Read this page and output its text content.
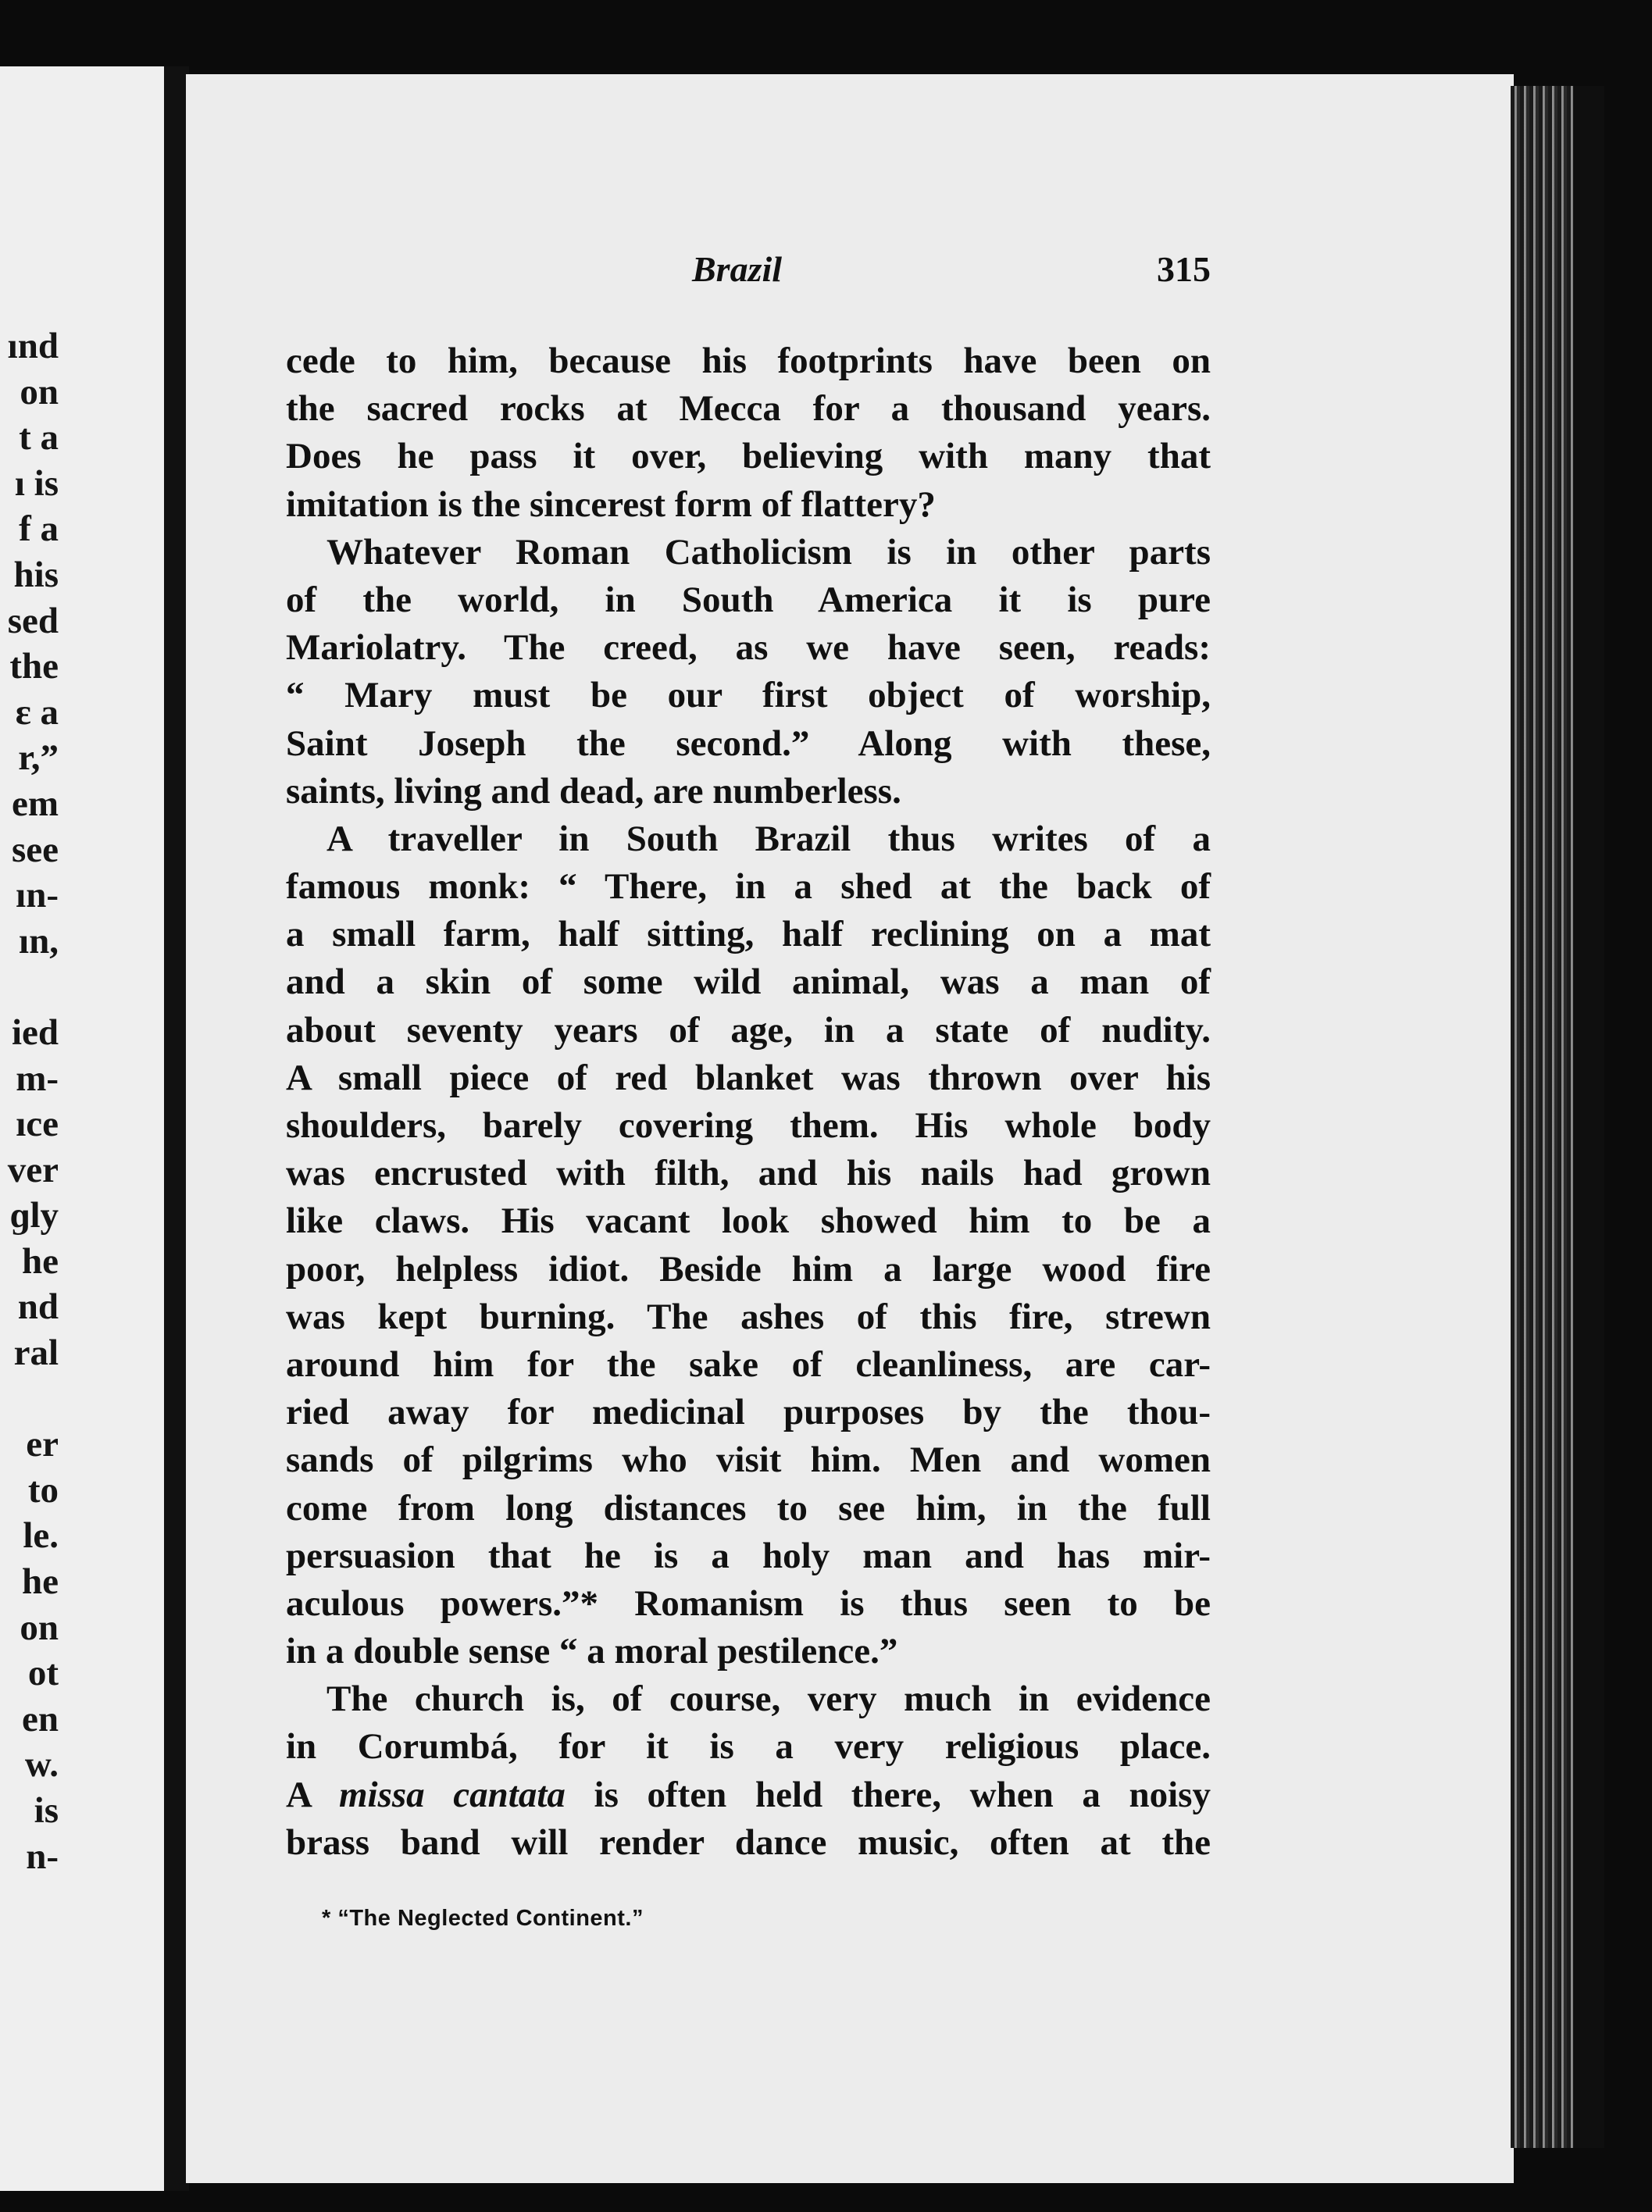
ınd
on
t a
ı is
f a
his
sed
the
ɛ a
r,”
em
see
ın-
ın,

ied
m-
ıce
ver
ɡly
he
nd
ral

er
to
le.
he
on
ot
en
w.
is
n-
Brazil	315
cede to him, because his footprints have been on
the sacred rocks at Mecca for a thousand years.
Does he pass it over, believing with many that
imitation is the sincerest form of flattery?
Whatever Roman Catholicism is in other parts
of the world, in South America it is pure
Mariolatry. The creed, as we have seen, reads:
“ Mary must be our first object of worship,
Saint Joseph the second.” Along with these,
saints, living and dead, are numberless.
A traveller in South Brazil thus writes of a
famous monk: “ There, in a shed at the back of
a small farm, half sitting, half reclining on a mat
and a skin of some wild animal, was a man of
about seventy years of age, in a state of nudity.
A small piece of red blanket was thrown over his
shoulders, barely covering them. His whole body
was encrusted with filth, and his nails had grown
like claws. His vacant look showed him to be a
poor, helpless idiot. Beside him a large wood fire
was kept burning. The ashes of this fire, strewn
around him for the sake of cleanliness, are car-
ried away for medicinal purposes by the thou-
sands of pilgrims who visit him. Men and women
come from long distances to see him, in the full
persuasion that he is a holy man and has mir-
aculous powers.”* Romanism is thus seen to be
in a double sense “ a moral pestilence.”
The church is, of course, very much in evidence
in Corumbá, for it is a very religious place.
A missa cantata is often held there, when a noisy
brass band will render dance music, often at the
* “The Neglected Continent.”
